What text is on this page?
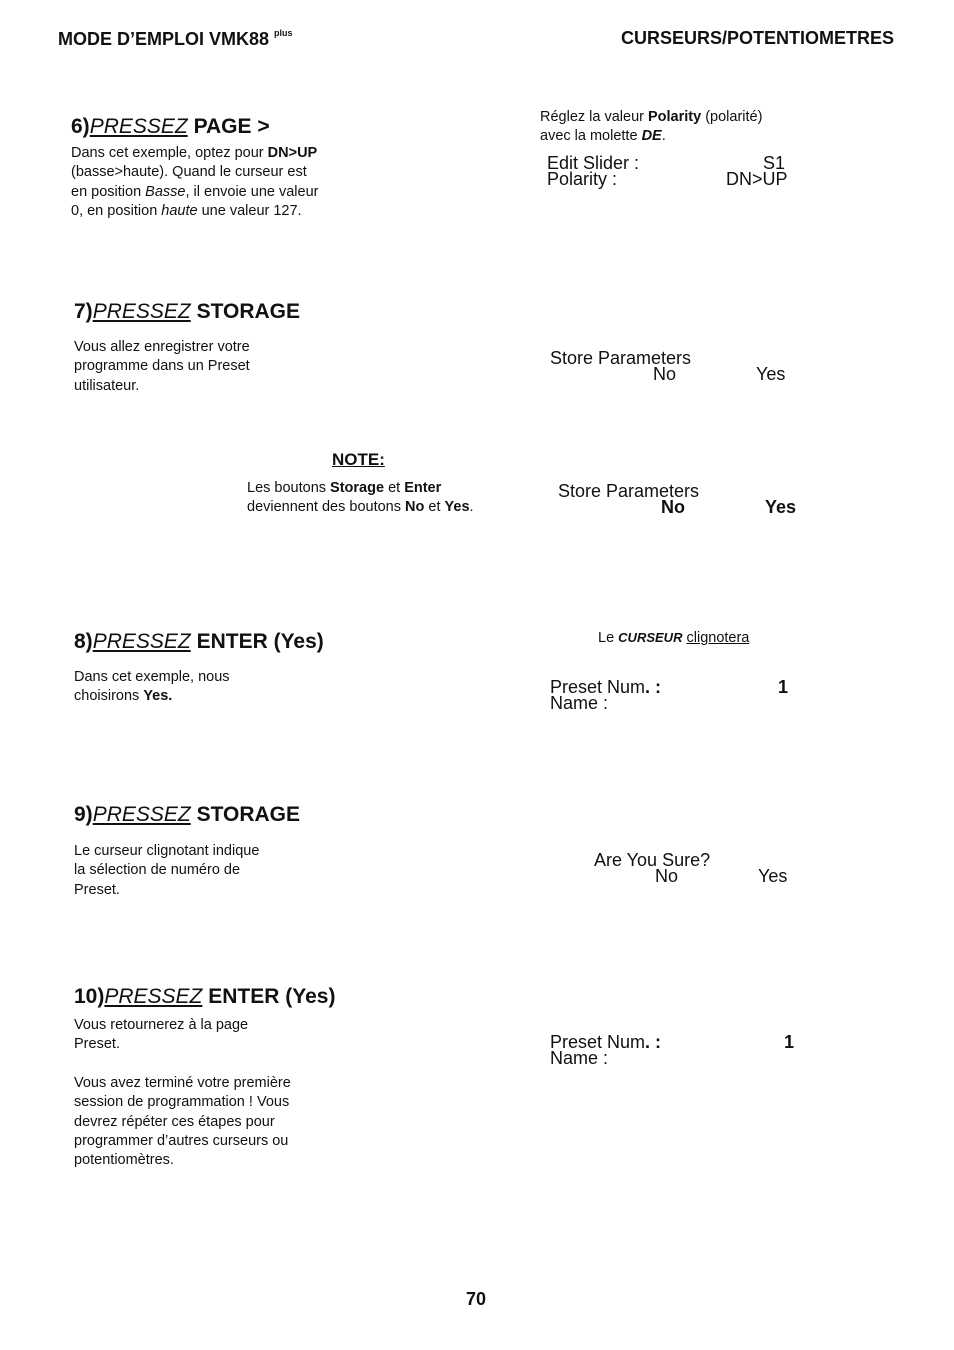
MODE D’EMPLOI VMK88 $^{plus}$	CURSEURS/POTENTIOMETRES
6)PRESSEZ PAGE >
Dans cet exemple, optez pour DN>UP (basse>haute). Quand le curseur est en position Basse, il envoie une valeur 0, en position haute une valeur 127.
Réglez la valeur Polarity (polarité)
avec la molette DE.
Edit Slider :	S1
Polarity :	DN>UP
7)PRESSEZ STORAGE
Vous allez enregistrer votre
programme dans un Preset
utilisateur.
Store Parameters
No	Yes
NOTE:
Les boutons Storage et Enter
deviennent des boutons No et Yes.
Store Parameters
No	Yes
8)PRESSEZ ENTER (Yes)
Dans cet exemple, nous
choisirons Yes.
Le CURSEUR clignotera
Preset Num. :	1
Name :
9)PRESSEZ STORAGE
Le curseur clignotant indique
la sélection de numéro de
Preset.
Are You Sure?
No	Yes
10)PRESSEZ ENTER (Yes)
Vous retournerez à la page
Preset.
Vous avez terminé votre première session de programmation ! Vous devrez répéter ces étapes pour programmer d’autres curseurs ou potentiomètres.
Preset Num. :	1
Name :
70
